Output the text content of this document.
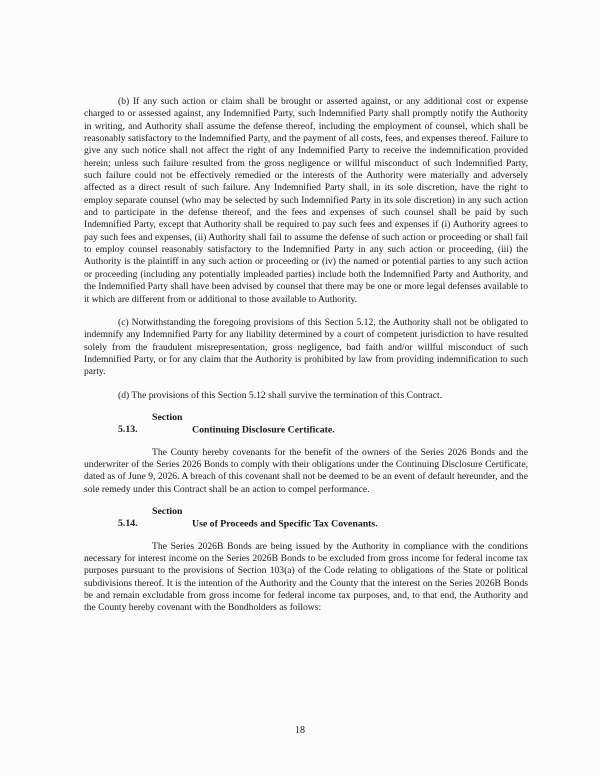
(b) If any such action or claim shall be brought or asserted against, or any additional cost or expense charged to or assessed against, any Indemnified Party, such Indemnified Party shall promptly notify the Authority in writing, and Authority shall assume the defense thereof, including the employment of counsel, which shall be reasonably satisfactory to the Indemnified Party, and the payment of all costs, fees, and expenses thereof. Failure to give any such notice shall not affect the right of any Indemnified Party to receive the indemnification provided herein; unless such failure resulted from the gross negligence or willful misconduct of such Indemnified Party, such failure could not be effectively remedied or the interests of the Authority were materially and adversely affected as a direct result of such failure. Any Indemnified Party shall, in its sole discretion, have the right to employ separate counsel (who may be selected by such Indemnified Party in its sole discretion) in any such action and to participate in the defense thereof, and the fees and expenses of such counsel shall be paid by such Indemnified Party, except that Authority shall be required to pay such fees and expenses if (i) Authority agrees to pay such fees and expenses, (ii) Authority shall fail to assume the defense of such action or proceeding or shall fail to employ counsel reasonably satisfactory to the Indemnified Party in any such action or proceeding, (iii) the Authority is the plaintiff in any such action or proceeding or (iv) the named or potential parties to any such action or proceeding (including any potentially impleaded parties) include both the Indemnified Party and Authority, and the Indemnified Party shall have been advised by counsel that there may be one or more legal defenses available to it which are different from or additional to those available to Authority.

(c) Notwithstanding the foregoing provisions of this Section 5.12, the Authority shall not be obligated to indemnify any Indemnified Party for any liability determined by a court of competent jurisdiction to have resulted solely from the fraudulent misrepresentation, gross negligence, bad faith and/or willful misconduct of such Indemnified Party, or for any claim that the Authority is prohibited by law from providing indemnification to such party.

(d) The provisions of this Section 5.12 shall survive the termination of this Contract.

Section 5.13.	Continuing Disclosure Certificate.

The County hereby covenants for the benefit of the owners of the Series 2026 Bonds and the underwriter of the Series 2026 Bonds to comply with their obligations under the Continuing Disclosure Certificate, dated as of June 9, 2026. A breach of this covenant shall not be deemed to be an event of default hereunder, and the sole remedy under this Contract shall be an action to compel performance.

Section 5.14.	Use of Proceeds and Specific Tax Covenants.

The Series 2026B Bonds are being issued by the Authority in compliance with the conditions necessary for interest income on the Series 2026B Bonds to be excluded from gross income for federal income tax purposes pursuant to the provisions of Section 103(a) of the Code relating to obligations of the State or political subdivisions thereof. It is the intention of the Authority and the County that the interest on the Series 2026B Bonds be and remain excludable from gross income for federal income tax purposes, and, to that end, the Authority and the County hereby covenant with the Bondholders as follows:

18
